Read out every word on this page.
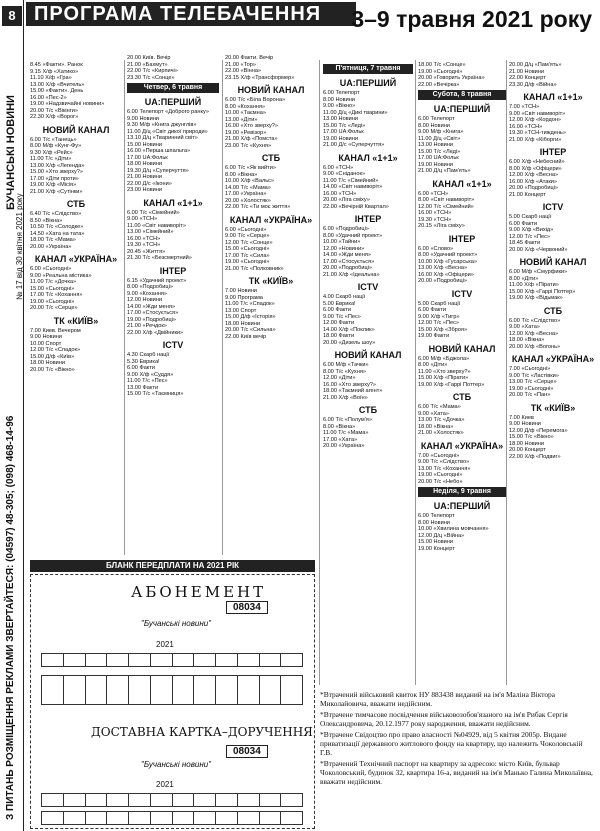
8
БУЧАНСЬКІ НОВИНИ
№ 17 від 30 квітня 2021 року
З ПИТАНЬ РОЗМІЩЕННЯ РЕКЛАМИ ЗВЕРТАЙТЕСЯ: (04597) 48-305; (098) 468-14-96
ПРОГРАМА ТЕЛЕБАЧЕННЯ	3–9 травня 2021 року
8.45 «Факти». Ранок
9.15 Х/ф «Хатико»
11.10 Х/ф «Гра»
13.00 Х/ф «Вчитель»
15.00 «Факти». День
16.00 «Пес-2»
19.00 «Надзвичайні новини»
20.00 Т/с «Вікінги»
22.30 Х/ф «Ворог»
НОВИЙ КАНАЛ
6.00 Т/с «Танець»
8.00 М/ф «Кунг-Фу»
9.30 Х/ф «Рейс»
11.00 Т/с «Діти»
13.00 Х/ф «Легенда»
15.00 «Хто зверху?»
17.00 «Діти проти»
19.00 Х/ф «Місія»
21.00 Х/ф «Сутінки»
СТБ
6.40 Т/с «Слідство»
8.50 «Вікна»
10.50 Т/с «Солодке»
14.50 «Хата на тата»
18.00 Т/с «Мама»
20.00 «Україна»
КАНАЛ «УКРАЇНА»
6.00 «Сьогодні»
9.00 «Реальна містика»
11.00 Т/с «Дочка»
15.00 «Сьогодні»
17.00 Т/с «Кохання»
19.00 «Сьогодні»
20.00 Т/с «Серце»
ТК «КИЇВ»
7.00 Киев. Вечером
9.00 Новини
10.00 Спорт
12.00 Т/с «Спадок»
15.00 Д/ф «Київ»
18.00 Новини
20.00 Т/с «Вікно»
20.00 Київ. Вечір
21.00 «Бахмут»
22.00 Т/с «Кирпичі»
23.30 Т/с «Сонце»
Четвер, 6 травня
UA:ПЕРШИЙ
6.00 Телепорт «Доброго ранку»
9.00 Новини
9.30 М/ф «Книга джунглів»
11.00 Д/ц «Світ дикої природи»
13.10 Д/ц «Тваринний світ»
15.00 Новини
16.00 «Перша шпальта»
17.00 UA:Фольк
18.00 Новини
19.30 Д/ц «Суперчуття»
21.00 Новини
22.00 Д/с «Ікони»
23.00 Новини
КАНАЛ «1+1»
6.00 Т/с «Сімейний»
9.00 «ТСН»
11.00 «Світ навиворіт»
13.00 «Сімейний»
16.00 «ТСН»
19.30 «ТСН»
20.45 «Життя»
21.30 Т/с «Безсмертний»
ІНТЕР
6.15 «Удачний проект»
8.00 «Подробиці»
9.00 «Кохання»
12.00 Новини
14.00 «Жди меня»
17.00 «Стосується»
19.00 «Подробиці»
21.00 «Речдок»
22.00 Х/ф «Двійники»
ICTV
4.30 Скарб нації
5.30 Еврика!
6.00 Факти
9.00 Х/ф «Суддя»
11.00 Т/с «Пес»
13.00 Факти
15.00 Т/с «Таємниця»
20.00 Факти. Вечір
21.00 «Тор»
22.00 «Вінна»
23.15 Х/ф «Трансформер»
НОВИЙ КАНАЛ
6.00 Т/с «Біла Ворона»
8.00 «Кохання»
10.00 «Таємна»
13.00 «Діти»
16.00 «Хто зверху?»
19.00 «Ревізор»
21.00 Х/ф «Помста»
23.00 Т/с «Кухня»
СТБ
6.00 Т/с «Як вийти»
8.00 «Вікна»
10.00 Х/ф «Вальс»
14.00 Т/с «Мама»
17.00 «Україна»
20.00 «Холостяк»
22.00 Т/с «Ти моє життя»
КАНАЛ «УКРАЇНА»
6.00 «Сьогодні»
9.00 Т/с «Серце»
12.00 Т/с «Сонце»
15.00 «Сьогодні»
17.00 Т/с «Сила»
19.00 «Сьогодні»
21.00 Т/с «Полковник»
ТК «КИЇВ»
7.00 Новини
9.00 Програма
11.00 Т/с «Спадок»
13.00 Спорт
15.00 Д/ф «Історія»
18.00 Новини
20.00 Т/с «Сильна»
22.00 Київ вечір
П'ятниця, 7 травня
UA:ПЕРШИЙ
6.00 Телепорт
8.00 Новини
9.00 «Вікно»
11.00 Д/ц «Дикі тварини»
13.00 Новини
15.00 Т/с «Леді»
17.00 UA:Фольк
19.00 Новини
21.00 Д/с «Суперчуття»
КАНАЛ «1+1»
6.00 «ТСН»
9.00 «Сніданок»
11.00 Т/с «Сімейний»
14.00 «Світ навиворіт»
16.00 «ТСН»
20.00 «Ліга сміху»
22.00 «Вечірній Квартал»
ІНТЕР
6.00 «Подробиці»
8.00 «Удачний проект»
10.00 «Тайни»
12.00 «Новини»
14.00 «Жди меня»
17.00 «Стосується»
20.00 «Подробиці»
21.00 Х/ф «Ідеальна»
ICTV
4.00 Скарб нації
5.00 Еврика!
6.00 Факти
9.00 Т/с «Пес»
12.00 Факти
14.00 Х/ф «Поклик»
18.00 Факти
20.00 «Дизель шоу»
НОВИЙ КАНАЛ
6.00 М/ф «Тачки»
8.00 Т/с «Кухня»
12.00 «Діти»
16.00 «Хто зверху?»
18.00 «Таємний агент»
21.00 Х/ф «Воїн»
СТБ
6.00 Т/с «Полум'я»
8.00 «Вікна»
11.00 Т/с «Мама»
17.00 «Хата»
20.00 «Україна»
18.00 Т/с «Сонце»
19.00 «Сьогодні»
20.00 «Говорить Україна»
22.00 «Вечірка»
Субота, 8 травня
UA:ПЕРШИЙ
6.00 Телепорт
8.00 Новини
9.00 М/ф «Книга»
11.00 Д/ц «Світ»
13.00 Новини
15.00 Т/с «Леді»
17.00 UA:Фольк
19.00 Новини
21.00 Д/ц «Пам'ять»
КАНАЛ «1+1»
6.00 «ТСН»
8.00 «Світ навиворіт»
12.00 Т/с «Сімейний»
16.00 «ТСН»
19.30 «ТСН»
20.15 «Ліга сміху»
ІНТЕР
6.00 «Слово»
8.00 «Удачний проект»
10.00 Х/ф «Гусарська»
13.00 Х/ф «Весна»
16.00 Х/ф «Офіцери»
20.00 «Подробиці»
ICTV
5.00 Скарб нації
6.00 Факти
9.00 Х/ф «Тигр»
12.00 Т/с «Пес»
15.00 Х/ф «Зброя»
19.00 Факти
НОВИЙ КАНАЛ
6.00 М/ф «Бджола»
8.00 «Діти»
11.00 «Хто зверху?»
15.00 Х/ф «Пірати»
19.00 Х/ф «Гаррі Поттер»
СТБ
6.00 Т/с «Мама»
9.00 «Хата»
13.00 Т/с «Дочка»
18.00 «Вікна»
21.00 «Холостяк»
КАНАЛ «УКРАЇНА»
7.00 «Сьогодні»
9.00 Т/с «Слідство»
13.00 Т/с «Кохання»
19.00 «Сьогодні»
20.00 Т/с «Небо»
Неділя, 9 травня
UA:ПЕРШИЙ
6.00 Телепорт
8.00 Новини
10.00 «Хвилина мовчання»
12.00 Д/ц «Війна»
15.00 Новини
19.00 Концерт
20.00 Д/ц «Пам'ять»
21.00 Новини
22.00 Концерт
23.30 Д/ф «Війна»
КАНАЛ «1+1»
7.00 «ТСН»
9.00 «Світ навиворіт»
12.00 Х/ф «Кордон»
16.00 «ТСН»
19.30 «ТСН-тиждень»
21.00 Х/ф «Кіборги»
ІНТЕР
6.00 Х/ф «Небесний»
8.00 Х/ф «Офіцери»
12.00 Х/ф «Весна»
16.00 Х/ф «Атаки»
20.00 «Подробиці»
21.00 Концерт
ICTV
5.00 Скарб нації
6.00 Факти
9.00 Х/ф «Вихід»
12.00 Т/с «Пес»
18.45 Факти
20.00 Х/ф «Червоний»
НОВИЙ КАНАЛ
6.00 М/ф «Смурфики»
8.00 «Діти»
11.00 Х/ф «Пірати»
15.00 Х/ф «Гаррі Поттер»
19.00 Х/ф «Відьмак»
СТБ
6.00 Т/с «Слідство»
9.00 «Хата»
12.00 Х/ф «Весна»
18.00 «Вікна»
20.00 Х/ф «Вогонь»
КАНАЛ «УКРАЇНА»
7.00 «Сьогодні»
9.00 Т/с «Ластівки»
13.00 Т/с «Серце»
19.00 «Сьогодні»
20.00 Т/с «Пан»
ТК «КИЇВ»
7.00 Киев
9.00 Новини
12.00 Д/ф «Перемога»
15.00 Т/с «Вікно»
18.00 Новини
20.00 Концерт
22.00 Х/ф «Подвиг»
БЛАНК ПЕРЕДПЛАТИ НА 2021 РІК
АБОНЕМЕНТ
08034
"Бучанські новини"
2021
ДОСТАВНА КАРТКА–ДОРУЧЕННЯ
08034
"Бучанські новини"
2021

*Втрачений військовий квиток НУ 883438 виданий на ім'я Маліна Віктора Миколайовича, вважати недійсним.

*Втрачене тимчасове посвідчення військовозобов'язаного на ім'я Рибак Сергія Олександровича, 20.12.1977 року народження, вважати недійсним.

*Втрачене Свідоцтво про право власності №04929, від 5 квітня 2005р. Видане приватизації державного житлового фонду на квартиру, що належить Чоколовській Г.В.

*Втрачений Технічний паспорт на квартиру за адресою: місто Київ, бульвар Чоколовський, будинок 32, квартира 16-а, виданий на ім'я Манько Галина Миколаївна, вважати недійсним.
